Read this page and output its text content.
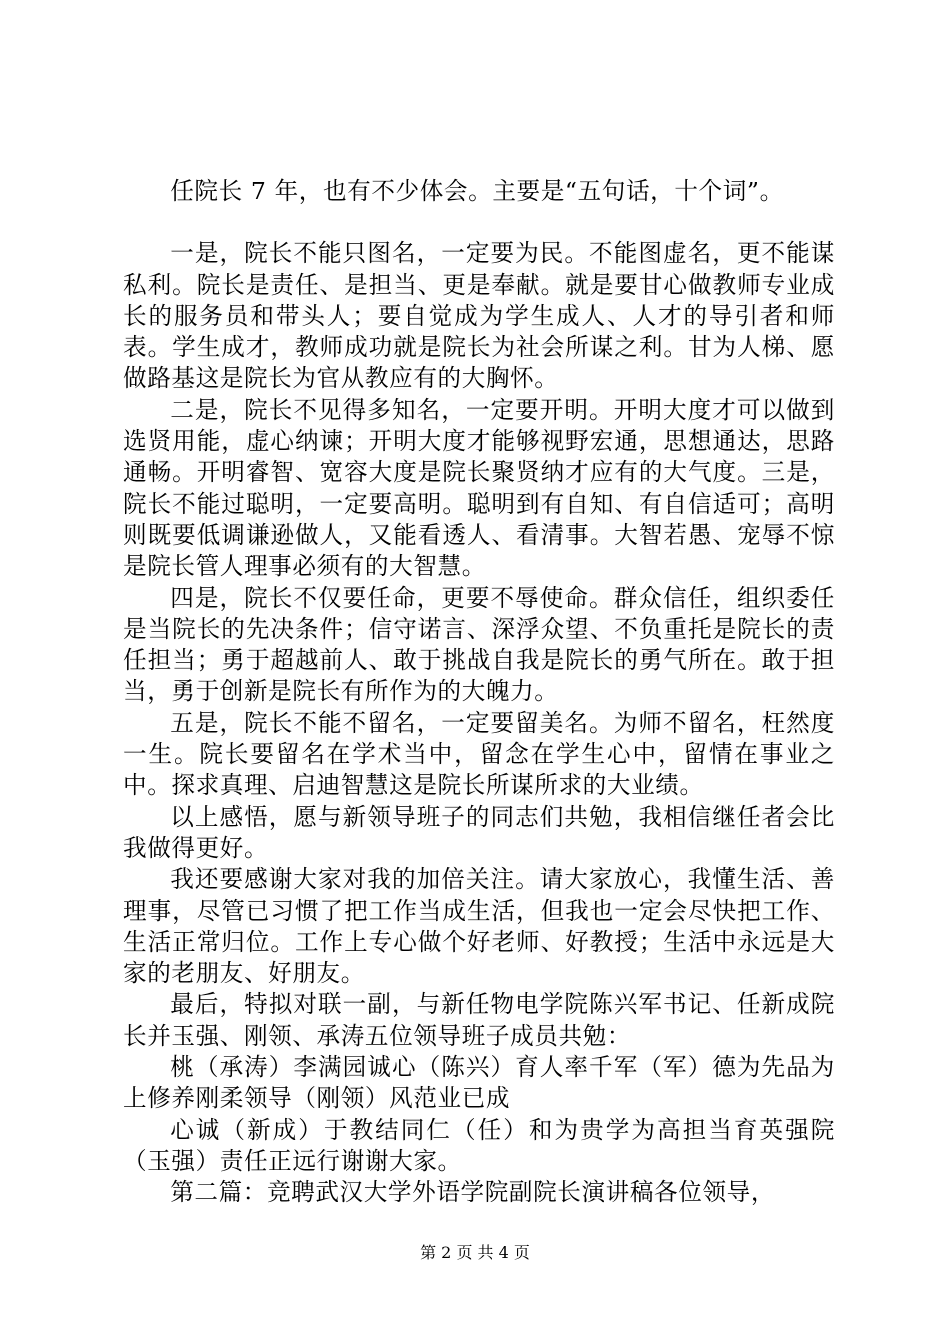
任院长 7 年，也有不少体会。主要是“五句话，十个词”。

一是，院长不能只图名，一定要为民。不能图虚名，更不能谋私利。院长是责任、是担当、更是奉献。就是要甘心做教师专业成长的服务员和带头人；要自觉成为学生成人、人才的导引者和师表。学生成才，教师成功就是院长为社会所谋之利。甘为人梯、愿做路基这是院长为官从教应有的大胸怀。

二是，院长不见得多知名，一定要开明。开明大度才可以做到选贤用能，虚心纳谏；开明大度才能够视野宏通，思想通达，思路通畅。开明睿智、宽容大度是院长聚贤纳才应有的大气度。三是，院长不能过聪明，一定要高明。聪明到有自知、有自信适可；高明则既要低调谦逊做人，又能看透人、看清事。大智若愚、宠辱不惊是院长管人理事必须有的大智慧。

四是，院长不仅要任命，更要不辱使命。群众信任，组织委任是当院长的先决条件；信守诺言、深浮众望、不负重托是院长的责任担当；勇于超越前人、敢于挑战自我是院长的勇气所在。敢于担当，勇于创新是院长有所作为的大魄力。

五是，院长不能不留名，一定要留美名。为师不留名，枉然度一生。院长要留名在学术当中，留念在学生心中，留情在事业之中。探求真理、启迪智慧这是院长所谋所求的大业绩。

以上感悟，愿与新领导班子的同志们共勉，我相信继任者会比我做得更好。

我还要感谢大家对我的加倍关注。请大家放心，我懂生活、善理事，尽管已习惯了把工作当成生活，但我也一定会尽快把工作、生活正常归位。工作上专心做个好老师、好教授；生活中永远是大家的老朋友、好朋友。

最后，特拟对联一副，与新任物电学院陈兴军书记、任新成院长并玉强、刚领、承涛五位领导班子成员共勉：

桃（承涛）李满园诚心（陈兴）育人率千军（军）德为先品为上修养刚柔领导（刚领）风范业已成

心诚（新成）于教结同仁（任）和为贵学为高担当育英强院（玉强）责任正远行谢谢大家。

第二篇：竞聘武汉大学外语学院副院长演讲稿各位领导，

第 2 页 共 4 页
